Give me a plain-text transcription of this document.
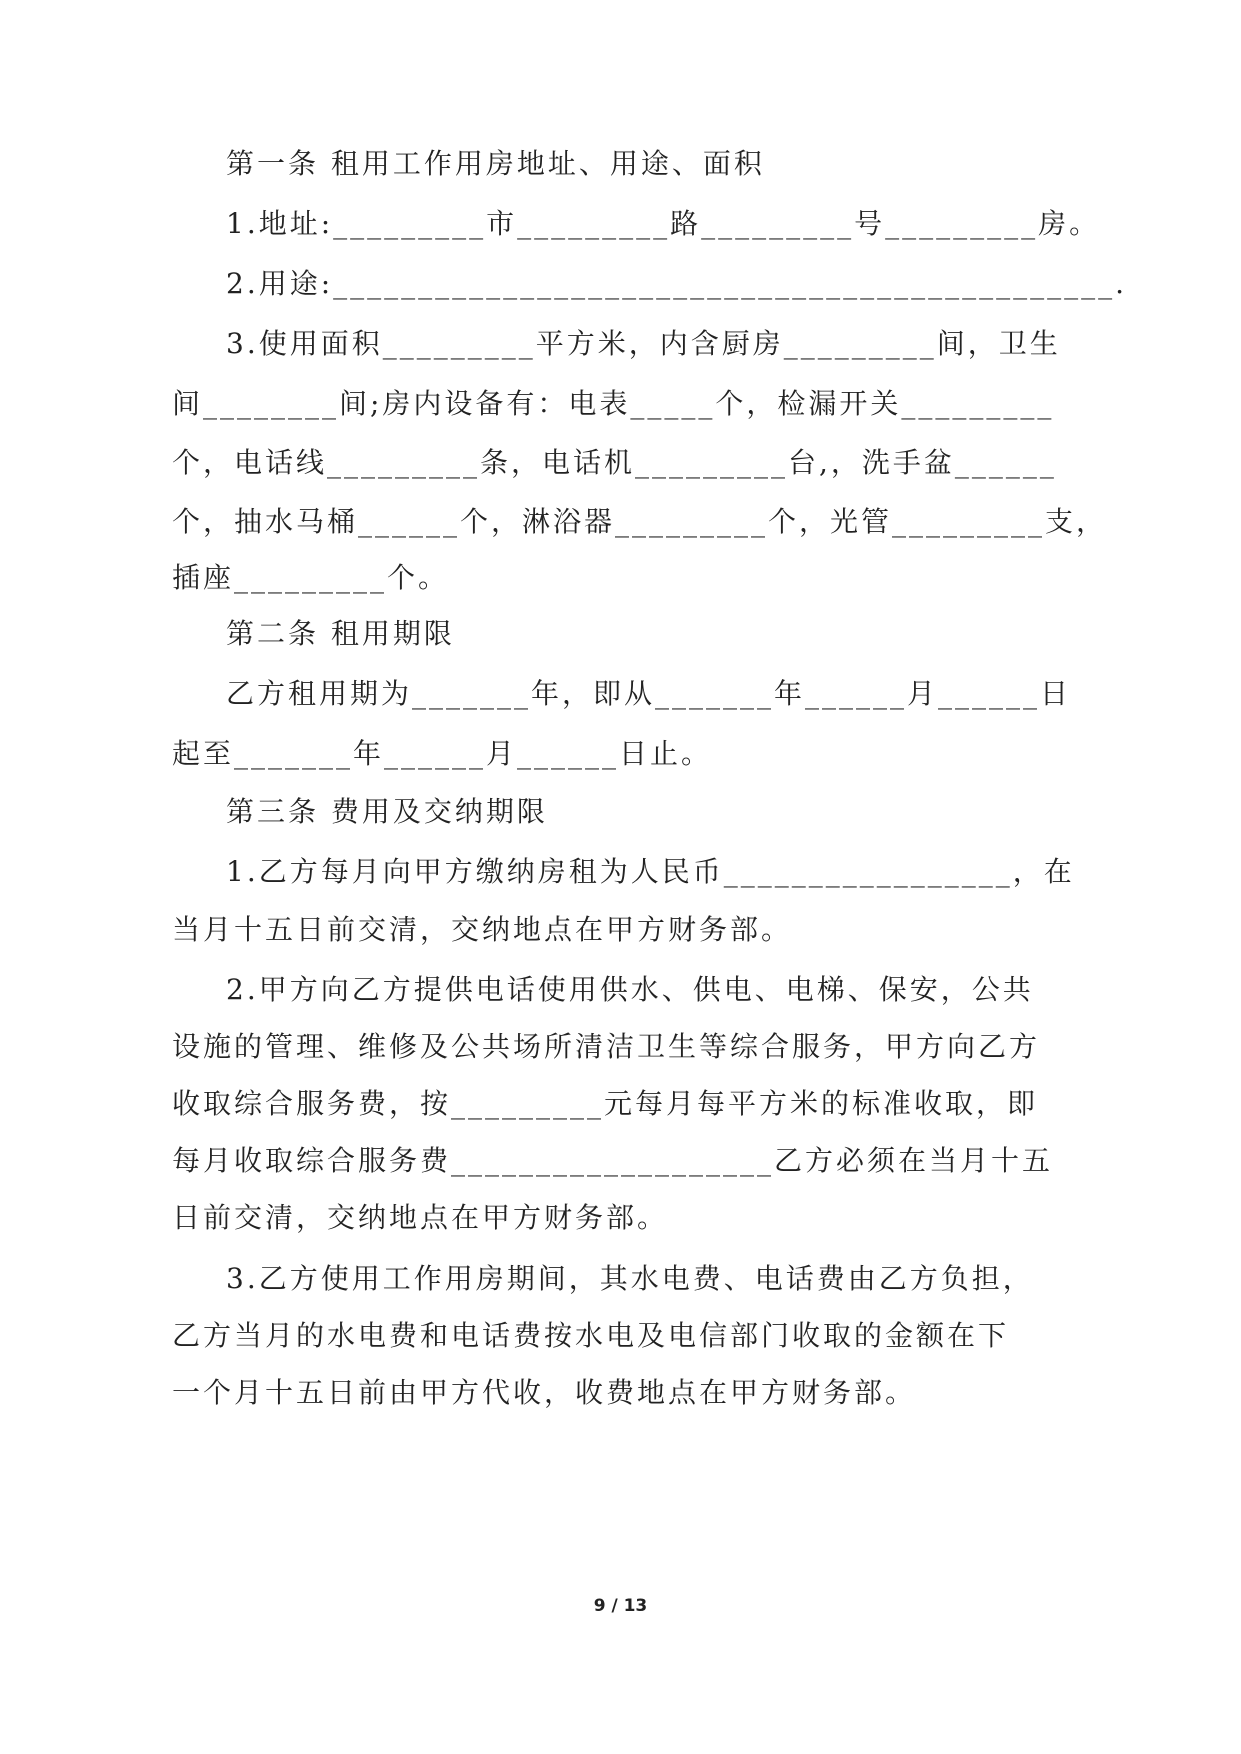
第一条 租用工作用房地址、用途、面积
1.地址:_________市_________路_________号_________房。
2.用途:______________________________________________.
3.使用面积_________平方米，内含厨房_________间，卫生
间________间;房内设备有：电表_____个，检漏开关_________
个，电话线_________条，电话机_________台,，洗手盆______
个，抽水马桶______个，淋浴器_________个，光管_________支，
插座_________个。
第二条 租用期限
乙方租用期为_______年，即从_______年______月______日
起至_______年______月______日止。
第三条 费用及交纳期限
1.乙方每月向甲方缴纳房租为人民币_________________，在
当月十五日前交清，交纳地点在甲方财务部。
2.甲方向乙方提供电话使用供水、供电、电梯、保安，公共
设施的管理、维修及公共场所清洁卫生等综合服务，甲方向乙方
收取综合服务费，按_________元每月每平方米的标准收取，即
每月收取综合服务费___________________乙方必须在当月十五
日前交清，交纳地点在甲方财务部。
3.乙方使用工作用房期间，其水电费、电话费由乙方负担，
乙方当月的水电费和电话费按水电及电信部门收取的金额在下
一个月十五日前由甲方代收，收费地点在甲方财务部。
9 / 13
